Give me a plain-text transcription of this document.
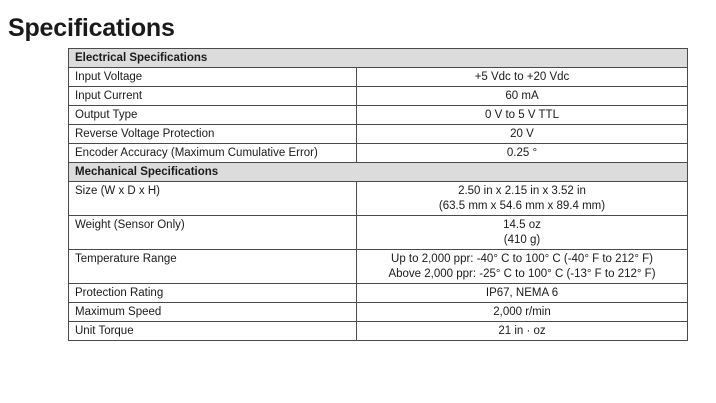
Specifications
Electrical Specifications	
Input Voltage	+5 Vdc to +20 Vdc
Input Current	60 mA
Output Type	0 V to 5 V TTL
Reverse Voltage Protection	20 V
Encoder Accuracy (Maximum Cumulative Error)	0.25 °
Mechanical Specifications	
Size (W x D x H)	2.50 in x 2.15 in x 3.52 in
(63.5 mm x 54.6 mm x 89.4 mm)

Weight (Sensor Only)	14.5 oz
(410 g)

Temperature Range	Up to 2,000 ppr: -40° C to 100° C (-40° F to 212° F)
Above 2,000 ppr: -25° C to 100° C (-13° F to 212° F)

Protection Rating	IP67, NEMA 6
Maximum Speed	2,000 r/min
Unit Torque	21 in · oz
